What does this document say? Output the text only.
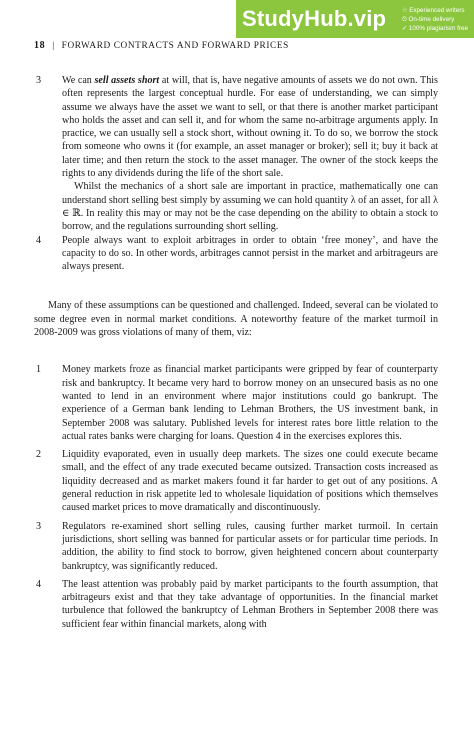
StudyHub.vip ☆ Experienced writers
⏲ On-time delivery
✓ 100% plagiarism free
18 | FORWARD CONTRACTS AND FORWARD PRICES
3 We can sell assets short at will, that is, have negative amounts of assets we do not own. This often represents the largest conceptual hurdle. For ease of understanding, we can simply assume we always have the asset we want to sell, or that there is another market participant who holds the asset and can sell it, and for whom the same no-arbitrage arguments apply. In practice, we can usually sell a stock short, without owning it. To do so, we borrow the stock from someone who owns it (for example, an asset manager or broker); sell it; buy it back at later time; and then return the stock to the asset manager. The owner of the stock keeps the rights to any dividends during the life of the short sale.

Whilst the mechanics of a short sale are important in practice, mathematically one can understand short selling best simply by assuming we can hold quantity λ of an asset, for all λ ∈ ℝ. In reality this may or may not be the case depending on the ability to obtain a stock to borrow, and the regulations surrounding short selling.

4 People always want to exploit arbitrages in order to obtain ‘free money’, and have the capacity to do so. In other words, arbitrages cannot persist in the market and arbitrageurs are always present.

Many of these assumptions can be questioned and challenged. Indeed, several can be violated to some degree even in normal market conditions. A noteworthy feature of the market turmoil in 2008-2009 was gross violations of many of them, viz:

1 Money markets froze as financial market participants were gripped by fear of counterparty risk and bankruptcy. It became very hard to borrow money on an unsecured basis as no one wanted to lend in an environment where major institutions could go bankrupt. The experience of a German bank lending to Lehman Brothers, the US investment bank, in September 2008 was salutary. Published levels for interest rates bore little relation to the actual rates banks were charging for loans. Question 4 in the exercises explores this.

2 Liquidity evaporated, even in usually deep markets. The sizes one could execute became small, and the effect of any trade executed became outsized. Transaction costs increased as liquidity decreased and as market makers found it far harder to get out of any positions. A general reduction in risk appetite led to wholesale liquidation of positions which themselves caused market prices to move dramatically and discontinuously.

3 Regulators re-examined short selling rules, causing further market turmoil. In certain jurisdictions, short selling was banned for particular assets or for particular time periods. In addition, the ability to find stock to borrow, given heightened concern about counterparty bankruptcy, was significantly reduced.

4 The least attention was probably paid by market participants to the fourth assumption, that arbitrageurs exist and that they take advantage of opportunities. In the financial market turbulence that followed the bankruptcy of Lehman Brothers in September 2008 there was sufficient fear within financial markets, along with
